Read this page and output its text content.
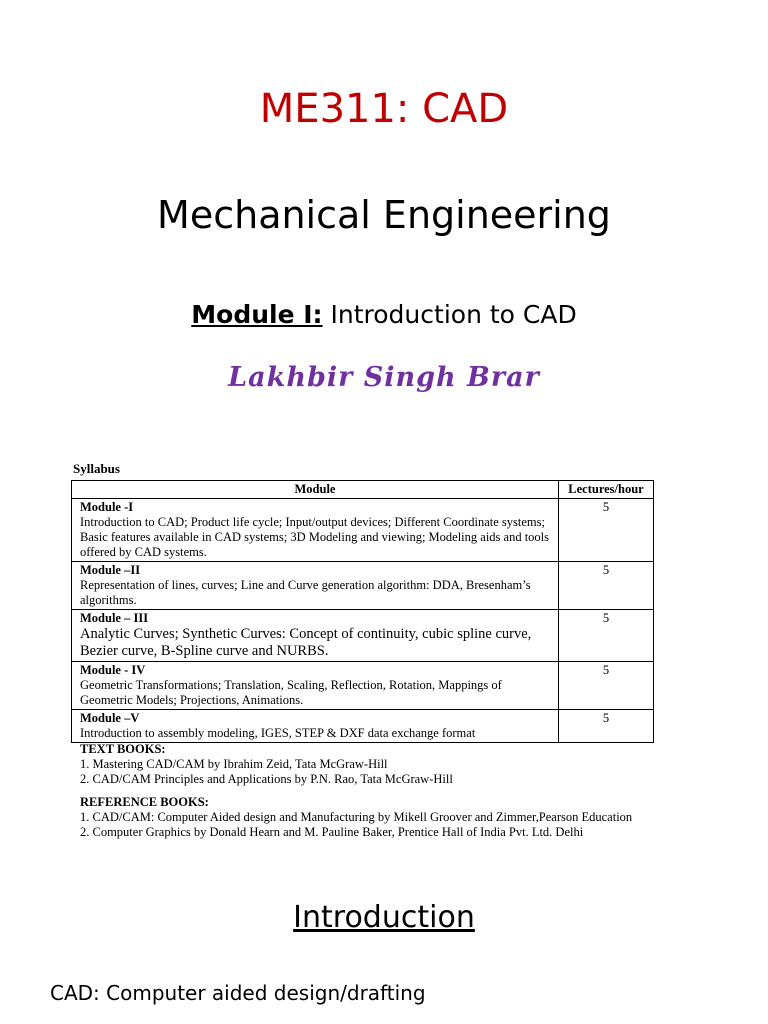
ME311: CAD
Mechanical Engineering
Module I: Introduction to CAD
Lakhbir Singh Brar
Syllabus
Module	Lectures/hour

Module -I
Introduction to CAD; Product life cycle; Input/output devices; Different Coordinate systems; Basic features available in CAD systems; 3D Modeling and viewing; Modeling aids and tools offered by CAD systems.	5

Module –II
Representation of lines, curves; Line and Curve generation algorithm: DDA, Bresenham’s algorithms.	5

Module – III
Analytic Curves; Synthetic Curves: Concept of continuity, cubic spline curve, Bezier curve, B-Spline curve and NURBS.	5

Module - IV
Geometric Transformations; Translation, Scaling, Reflection, Rotation, Mappings of Geometric Models; Projections, Animations.	5

Module –V
Introduction to assembly modeling, IGES, STEP & DXF data exchange format	5
TEXT BOOKS:
1. Mastering CAD/CAM by Ibrahim Zeid, Tata McGraw-Hill
2. CAD/CAM Principles and Applications by P.N. Rao, Tata McGraw-Hill
REFERENCE BOOKS:
1. CAD/CAM: Computer Aided design and Manufacturing by Mikell Groover and Zimmer,Pearson Education
2. Computer Graphics by Donald Hearn and M. Pauline Baker, Prentice Hall of India Pvt. Ltd. Delhi
Introduction
CAD: Computer aided design/drafting
